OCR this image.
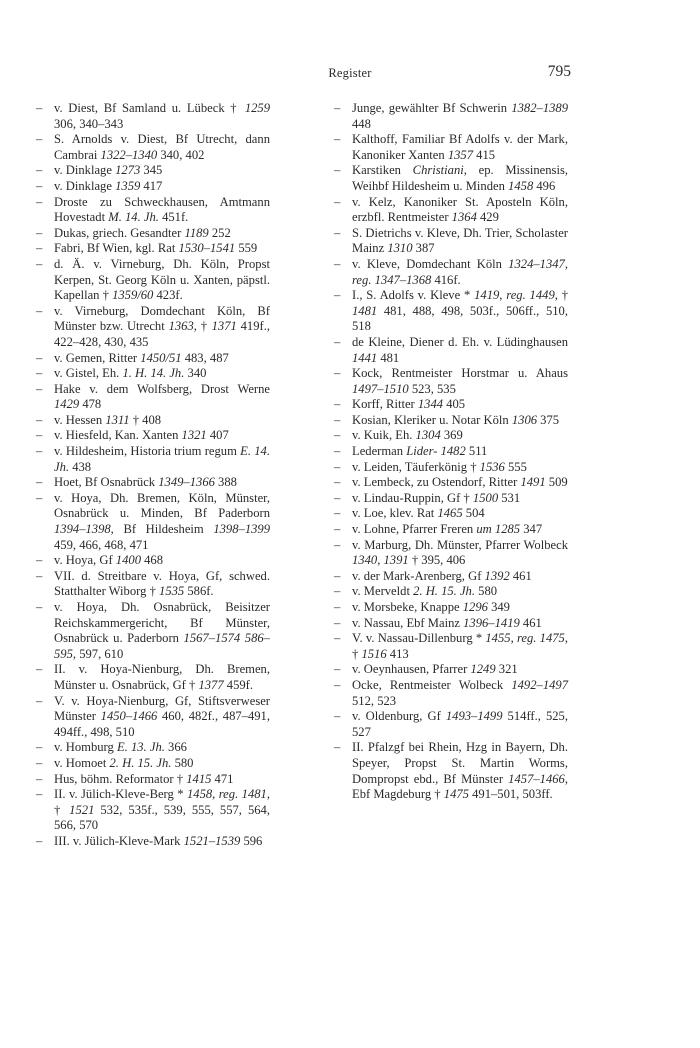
Register	795
– v. Diest, Bf Samland u. Lübeck † 1259 306, 340–343
– S. Arnolds v. Diest, Bf Utrecht, dann Cambrai 1322–1340 340, 402
– v. Dinklage 1273 345
– v. Dinklage 1359 417
– Droste zu Schweckhausen, Amtmann Hovestadt M. 14. Jh. 451f.
– Dukas, griech. Gesandter 1189 252
– Fabri, Bf Wien, kgl. Rat 1530–1541 559
– d. Ä. v. Virneburg, Dh. Köln, Propst Kerpen, St. Georg Köln u. Xanten, päpstl. Kapellan † 1359/60 423f.
– v. Virneburg, Domdechant Köln, Bf Münster bzw. Utrecht 1363, † 1371 419f., 422–428, 430, 435
– v. Gemen, Ritter 1450/51 483, 487
– v. Gistel, Eh. 1. H. 14. Jh. 340
– Hake v. dem Wolfsberg, Drost Werne 1429 478
– v. Hessen 1311 † 408
– v. Hiesfeld, Kan. Xanten 1321 407
– v. Hildesheim, Historia trium regum E. 14. Jh. 438
– Hoet, Bf Osnabrück 1349–1366 388
– v. Hoya, Dh. Bremen, Köln, Münster, Osnabrück u. Minden, Bf Paderborn 1394–1398, Bf Hildesheim 1398–1399 459, 466, 468, 471
– v. Hoya, Gf 1400 468
– VII. d. Streitbare v. Hoya, Gf, schwed. Statthalter Wiborg † 1535 586f.
– v. Hoya, Dh. Osnabrück, Beisitzer Reichskammergericht, Bf Münster, Osnabrück u. Paderborn 1567–1574 586–595, 597, 610
– II. v. Hoya-Nienburg, Dh. Bremen, Münster u. Osnabrück, Gf † 1377 459f.
– V. v. Hoya-Nienburg, Gf, Stiftsverweser Münster 1450–1466 460, 482f., 487–491, 494ff., 498, 510
– v. Homburg E. 13. Jh. 366
– v. Homoet 2. H. 15. Jh. 580
– Hus, böhm. Reformator † 1415 471
– II. v. Jülich-Kleve-Berg * 1458, reg. 1481, † 1521 532, 535f., 539, 555, 557, 564, 566, 570
– III. v. Jülich-Kleve-Mark 1521–1539 596
– Junge, gewählter Bf Schwerin 1382–1389 448
– Kalthoff, Familiar Bf Adolfs v. der Mark, Kanoniker Xanten 1357 415
– Karstiken Christiani, ep. Missinensis, Weihbf Hildesheim u. Minden 1458 496
– v. Kelz, Kanoniker St. Aposteln Köln, erzbfl. Rentmeister 1364 429
– S. Dietrichs v. Kleve, Dh. Trier, Scholaster Mainz 1310 387
– v. Kleve, Domdechant Köln 1324–1347, reg. 1347–1368 416f.
– I., S. Adolfs v. Kleve * 1419, reg. 1449, † 1481 481, 488, 498, 503f., 506ff., 510, 518
– de Kleine, Diener d. Eh. v. Lüdinghausen 1441 481
– Kock, Rentmeister Horstmar u. Ahaus 1497–1510 523, 535
– Korff, Ritter 1344 405
– Kosian, Kleriker u. Notar Köln 1306 375
– v. Kuik, Eh. 1304 369
– Lederman Lider- 1482 511
– v. Leiden, Täuferkönig † 1536 555
– v. Lembeck, zu Ostendorf, Ritter 1491 509
– v. Lindau-Ruppin, Gf † 1500 531
– v. Loe, klev. Rat 1465 504
– v. Lohne, Pfarrer Freren um 1285 347
– v. Marburg, Dh. Münster, Pfarrer Wolbeck 1340, 1391 † 395, 406
– v. der Mark-Arenberg, Gf 1392 461
– v. Merveldt 2. H. 15. Jh. 580
– v. Morsbeke, Knappe 1296 349
– v. Nassau, Ebf Mainz 1396–1419 461
– V. v. Nassau-Dillenburg * 1455, reg. 1475, † 1516 413
– v. Oeynhausen, Pfarrer 1249 321
– Ocke, Rentmeister Wolbeck 1492–1497 512, 523
– v. Oldenburg, Gf 1493–1499 514ff., 525, 527
– II. Pfalzgf bei Rhein, Hzg in Bayern, Dh. Speyer, Propst St. Martin Worms, Dompropst ebd., Bf Münster 1457–1466, Ebf Magdeburg † 1475 491–501, 503ff.
